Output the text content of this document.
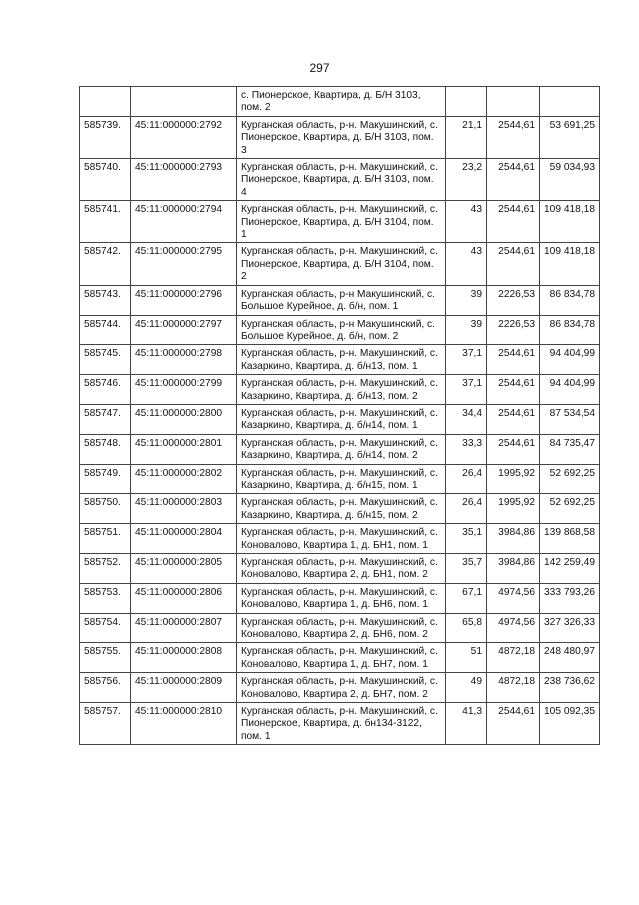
297
		с. Пионерское, Квартира, д. Б/Н 3103, пом. 2			
585739.	45:11:000000:2792	Курганская область, р-н. Макушинский, с. Пионерское, Квартира, д. Б/Н 3103, пом. 3	21,1	2544,61	53 691,25
585740.	45:11:000000:2793	Курганская область, р-н. Макушинский, с. Пионерское, Квартира, д. Б/Н 3103, пом. 4	23,2	2544,61	59 034,93
585741.	45:11:000000:2794	Курганская область, р-н. Макушинский, с. Пионерское, Квартира, д. Б/Н 3104, пом. 1	43	2544,61	109 418,18
585742.	45:11:000000:2795	Курганская область, р-н. Макушинский, с. Пионерское, Квартира, д. Б/Н 3104, пом. 2	43	2544,61	109 418,18
585743.	45:11:000000:2796	Курганская область, р-н Макушинский, с. Большое Курейное, д. б/н, пом. 1	39	2226,53	86 834,78
585744.	45:11:000000:2797	Курганская область, р-н Макушинский, с. Большое Курейное, д. б/н, пом. 2	39	2226,53	86 834,78
585745.	45:11:000000:2798	Курганская область, р-н. Макушинский, с. Казаркино, Квартира, д. б/н13, пом. 1	37,1	2544,61	94 404,99
585746.	45:11:000000:2799	Курганская область, р-н. Макушинский, с. Казаркино, Квартира, д. б/н13, пом. 2	37,1	2544,61	94 404,99
585747.	45:11:000000:2800	Курганская область, р-н. Макушинский, с. Казаркино, Квартира, д. б/н14, пом. 1	34,4	2544,61	87 534,54
585748.	45:11:000000:2801	Курганская область, р-н. Макушинский, с. Казаркино, Квартира, д. б/н14, пом. 2	33,3	2544,61	84 735,47
585749.	45:11:000000:2802	Курганская область, р-н. Макушинский, с. Казаркино, Квартира, д. б/н15, пом. 1	26,4	1995,92	52 692,25
585750.	45:11:000000:2803	Курганская область, р-н. Макушинский, с. Казаркино, Квартира, д. б/н15, пом. 2	26,4	1995,92	52 692,25
585751.	45:11:000000:2804	Курганская область, р-н. Макушинский, с. Коновалово, Квартира 1, д. БН1, пом. 1	35,1	3984,86	139 868,58
585752.	45:11:000000:2805	Курганская область, р-н. Макушинский, с. Коновалово, Квартира 2, д. БН1, пом. 2	35,7	3984,86	142 259,49
585753.	45:11:000000:2806	Курганская область, р-н. Макушинский, с. Коновалово, Квартира 1, д. БН6, пом. 1	67,1	4974,56	333 793,26
585754.	45:11:000000:2807	Курганская область, р-н. Макушинский, с. Коновалово, Квартира 2, д. БН6, пом. 2	65,8	4974,56	327 326,33
585755.	45:11:000000:2808	Курганская область, р-н. Макушинский, с. Коновалово, Квартира 1, д. БН7, пом. 1	51	4872,18	248 480,97
585756.	45:11:000000:2809	Курганская область, р-н. Макушинский, с. Коновалово, Квартира 2, д. БН7, пом. 2	49	4872,18	238 736,62
585757.	45:11:000000:2810	Курганская область, р-н. Макушинский, с. Пионерское, Квартира, д. бн134-3122, пом. 1	41,3	2544,61	105 092,35
